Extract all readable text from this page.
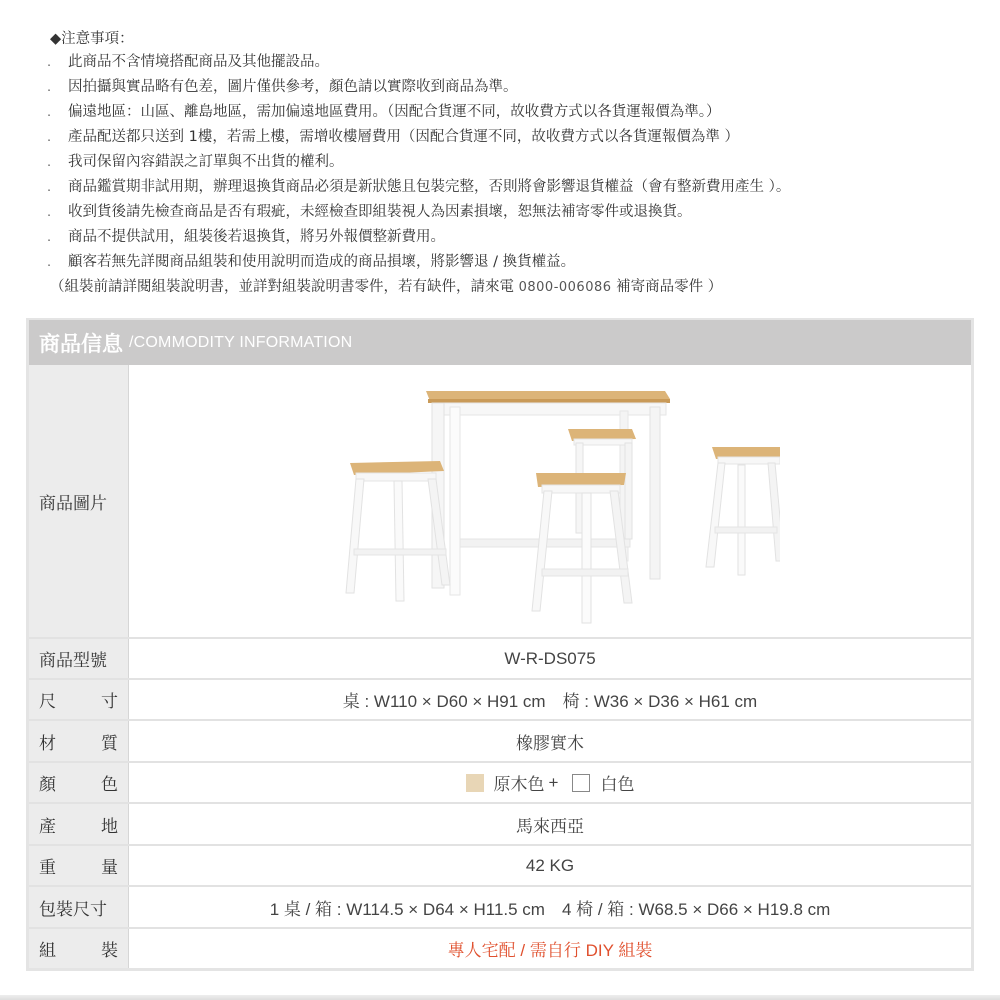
◆注意事項：
.	此商品不含情境搭配商品及其他擺設品。
.	因拍攝與實品略有色差，圖片僅供參考，顏色請以實際收到商品為準。
.	偏遠地區：山區、離島地區，需加偏遠地區費用。（因配合貨運不同，故收費方式以各貨運報價為準。）
.	產品配送都只送到 1樓，若需上樓，需增收樓層費用（因配合貨運不同，故收費方式以各貨運報價為準 ）
.	我司保留內容錯誤之訂單與不出貨的權利。
.	商品鑑賞期非試用期，辦理退換貨商品必須是新狀態且包裝完整，否則將會影響退貨權益（會有整新費用產生 ）。
.	收到貨後請先檢查商品是否有瑕疵，未經檢查即組裝視人為因素損壞，恕無法補寄零件或退換貨。
.	商品不提供試用，組裝後若退換貨，將另外報價整新費用。
.	顧客若無先詳閱商品組裝和使用說明而造成的商品損壞，將影響退 / 換貨權益。
（組裝前請詳閱組裝說明書，並詳對組裝說明書零件，若有缺件，請來電 0800-006086 補寄商品零件 ）
商品信息 /COMMODITY INFORMATION
商品圖片
商品型號	W-R-DS075
尺	寸	桌 : W110 × D60 × H91 cm　椅 : W36 × D36 × H61 cm
材	質	橡膠實木
顏	色	原木色 + 白色
產	地	馬來西亞
重	量	42 KG
包裝尺寸	1 桌 / 箱 : W114.5 × D64 × H11.5 cm　4 椅 / 箱 : W68.5 × D66 × H19.8 cm
組	裝	專人宅配 / 需自行 DIY 組裝
